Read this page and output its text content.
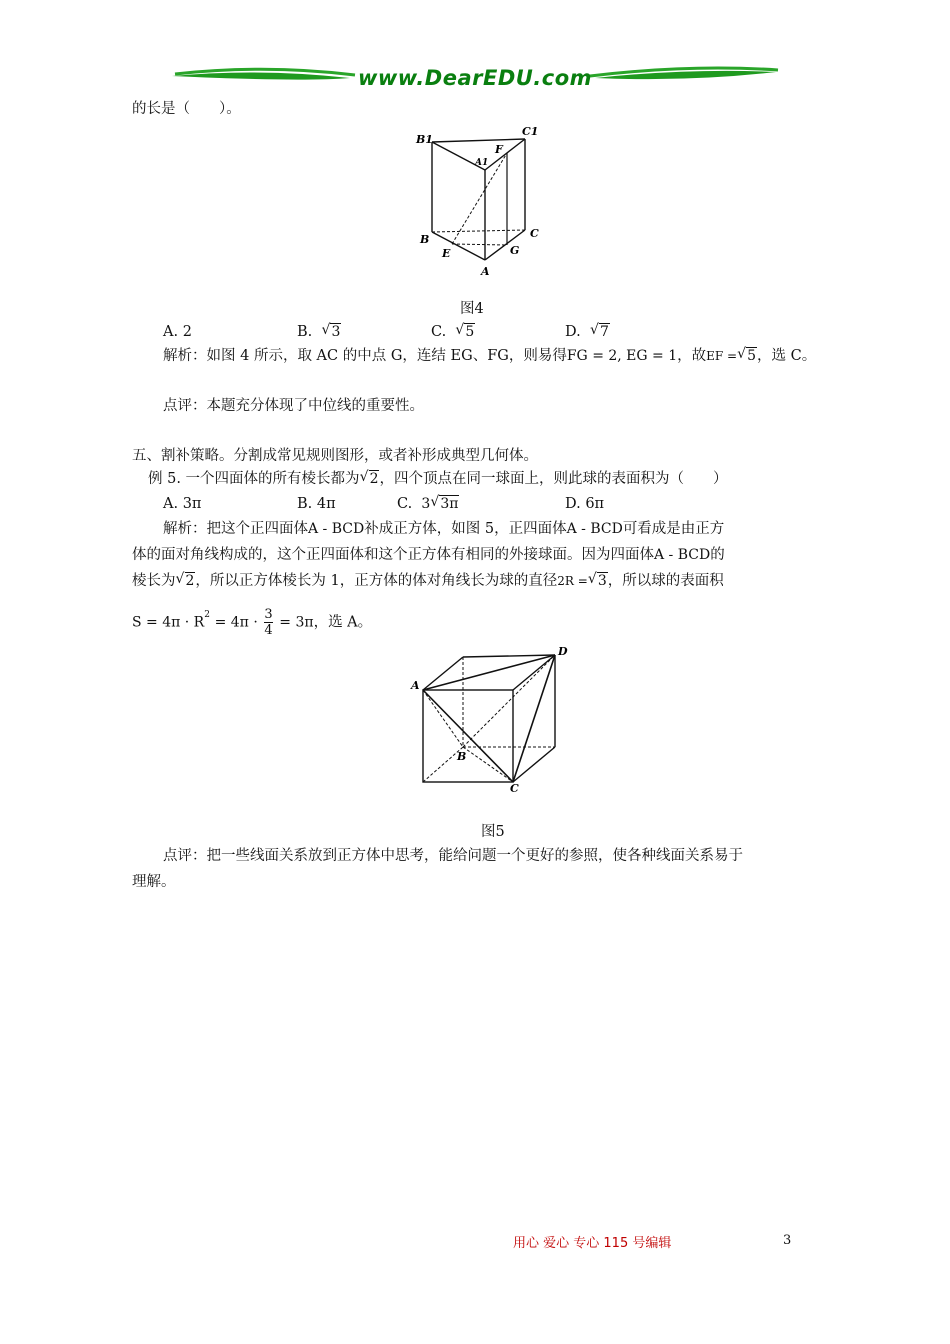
www.DearEDU.com
的长是（　　）。
B1
C1
A1
F
B	C
E	G
A
图4
A. 2	B. √ 3	C. √ 5	D. √ 7
解析：如图 4 所示，取 AC 的中点 G，连结 EG、FG，则易得FG = 2, EG = 1，故EF = √ 5，选 C。
点评：本题充分体现了中位线的重要性。
五、割补策略。分割成常见规则图形，或者补形成典型几何体。
例 5. 一个四面体的所有棱长都为 √ 2，四个顶点在同一球面上，则此球的表面积为（　　）
A. 3π	B. 4π	C. 3 √ 3π	D. 6π
解析：把这个正四面体A - BCD补成正方体，如图 5，正四面体A - BCD可看成是由正方
体的面对角线构成的，这个正四面体和这个正方体有相同的外接球面。因为四面体A - BCD的
棱长为 √ 2，所以正方体棱长为 1，正方体的体对角线长为球的直径2R = √ 3，所以球的表面积
$S = 4\pi \cdot R^2 = 4\pi \cdot \frac{3}{4} = 3\pi$，选 A。
A
D
B
C
图5
点评：把一些线面关系放到正方体中思考，能给问题一个更好的参照，使各种线面关系易于
理解。
用心 爱心 专心 115 号编辑	3
